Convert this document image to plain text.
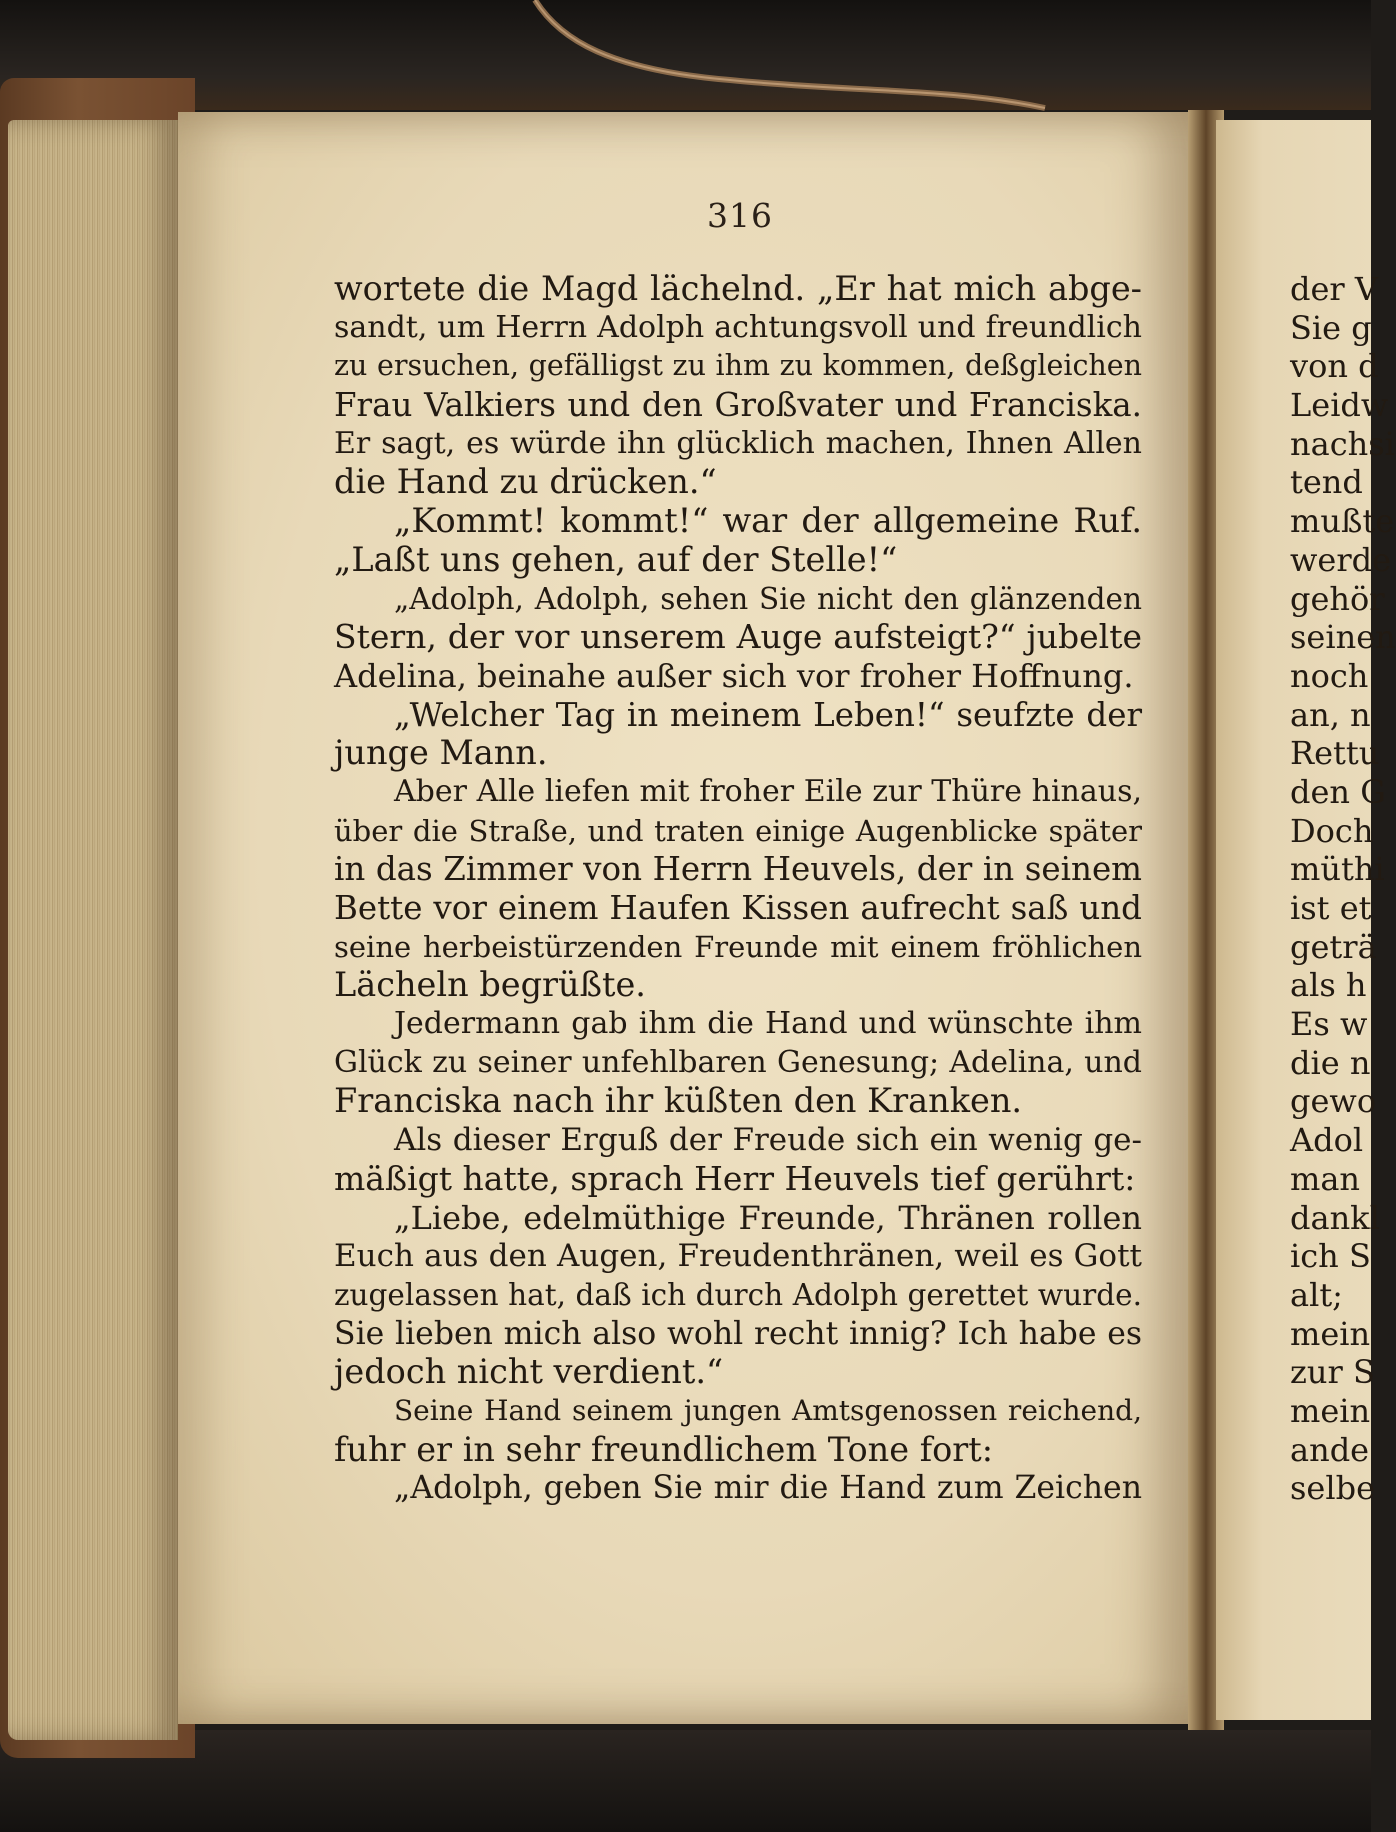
316
wortete die Magd lächelnd. „Er hat mich abge-
sandt, um Herrn Adolph achtungsvoll und freundlich
zu ersuchen, gefälligst zu ihm zu kommen, deßgleichen
Frau Valkiers und den Großvater und Franciska.
Er sagt, es würde ihn glücklich machen, Ihnen Allen
die Hand zu drücken.“
„Kommt! kommt!“ war der allgemeine Ruf.
„Laßt uns gehen, auf der Stelle!“
„Adolph, Adolph, sehen Sie nicht den glänzenden
Stern, der vor unserem Auge aufsteigt?“ jubelte
Adelina, beinahe außer sich vor froher Hoffnung.
„Welcher Tag in meinem Leben!“ seufzte der
junge Mann.
Aber Alle liefen mit froher Eile zur Thüre hinaus,
über die Straße, und traten einige Augenblicke später
in das Zimmer von Herrn Heuvels, der in seinem
Bette vor einem Haufen Kissen aufrecht saß und
seine herbeistürzenden Freunde mit einem fröhlichen
Lächeln begrüßte.
Jedermann gab ihm die Hand und wünschte ihm
Glück zu seiner unfehlbaren Genesung; Adelina, und
Franciska nach ihr küßten den Kranken.
Als dieser Erguß der Freude sich ein wenig ge-
mäßigt hatte, sprach Herr Heuvels tief gerührt:
„Liebe, edelmüthige Freunde, Thränen rollen
Euch aus den Augen, Freudenthränen, weil es Gott
zugelassen hat, daß ich durch Adolph gerettet wurde.
Sie lieben mich also wohl recht innig? Ich habe es
jedoch nicht verdient.“
Seine Hand seinem jungen Amtsgenossen reichend,
fuhr er in sehr freundlichem Tone fort:
„Adolph, geben Sie mir die Hand zum Zeichen
der V
Sie g
von d
Leidw
nachsi
tend
mußte
werde
gehör
seinen
noch
an, n
Rettu
den G
Doch
müthi
ist et
geträ
als h
Es w
die n
gewo
Adol
man
dankl
ich S
alt;
mein
zur S
mein
ande
selbe
